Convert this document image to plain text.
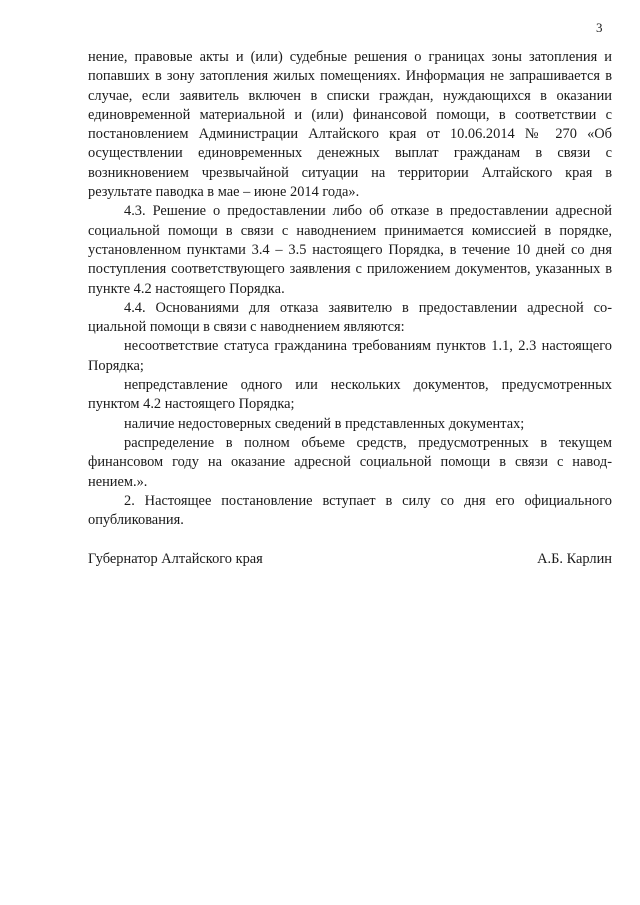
3

нение, правовые акты и (или) судебные решения о границах зоны затопления и попавших в зону затопления жилых помещениях. Информация не запрашивается в случае, если заявитель включен в списки граждан, нуждающихся в оказании единовременной материальной и (или) финансовой помощи, в соответствии с постановлением Администрации Алтайского края от 10.06.2014 № 270 «Об осуществлении единовременных денежных выплат гражданам в связи с возникновением чрезвычайной ситуации на территории Алтайского края в результате паводка в мае – июне 2014 года».

4.3. Решение о предоставлении либо об отказе в предоставлении адресной социальной помощи в связи с наводнением принимается комиссией в порядке, установленном пунктами 3.4 – 3.5 настоящего Порядка, в течение 10 дней со дня поступления соответствующего заявления с приложением документов, указанных в пункте 4.2 настоящего Порядка.

4.4. Основаниями для отказа заявителю в предоставлении адресной социальной помощи в связи с наводнением являются:

несоответствие статуса гражданина требованиям пунктов 1.1, 2.3 настоящего Порядка;

непредставление одного или нескольких документов, предусмотренных пунктом 4.2 настоящего Порядка;

наличие недостоверных сведений в представленных документах;

распределение в полном объеме средств, предусмотренных в текущем финансовом году на оказание адресной социальной помощи в связи с наводнением.».

2. Настоящее постановление вступает в силу со дня его официального опубликования.

Губернатор Алтайского края	А.Б. Карлин
